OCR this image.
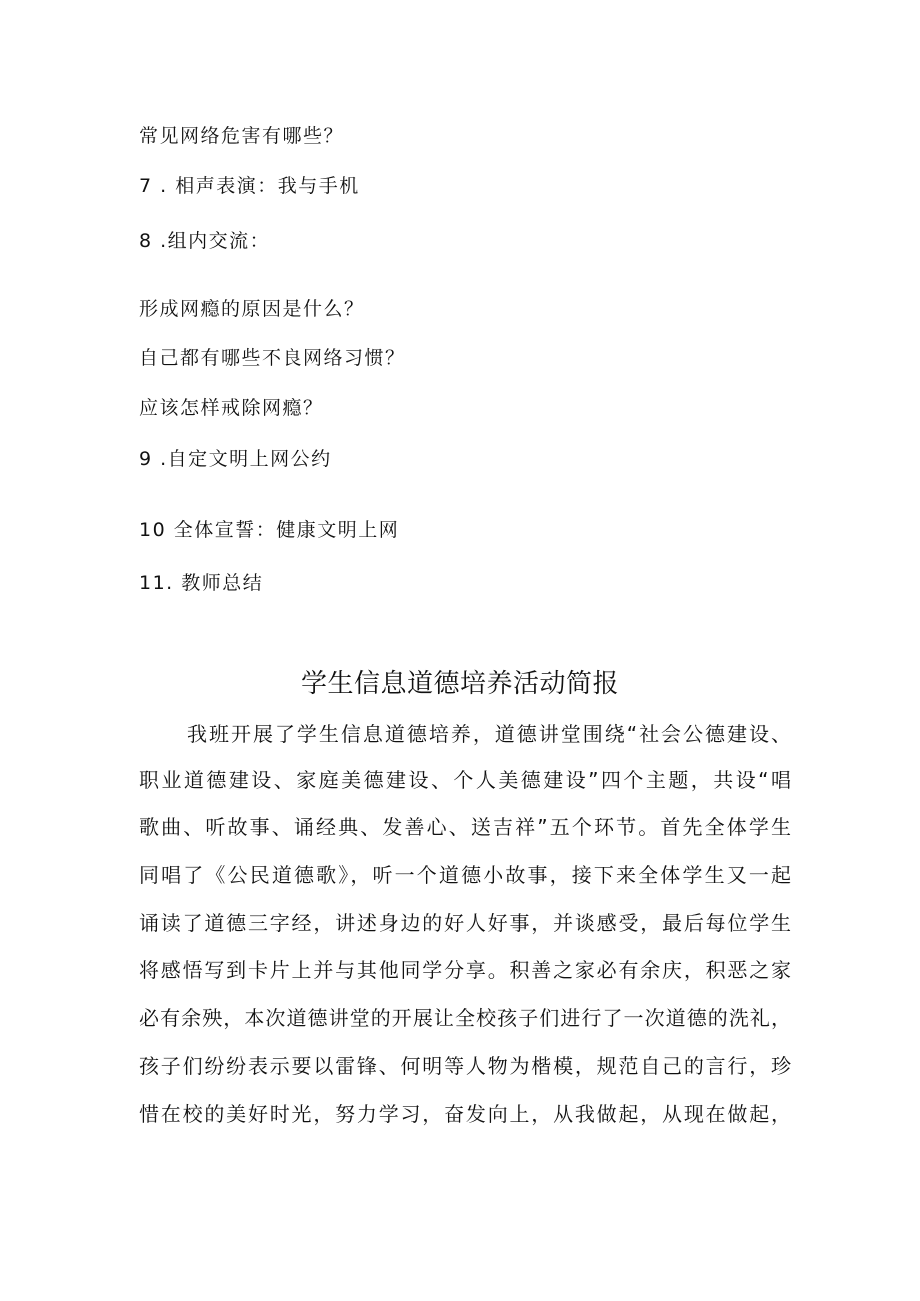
常见网络危害有哪些？
7 . 相声表演：我与手机
8 .组内交流：
形成网瘾的原因是什么？
自己都有哪些不良网络习惯？
应该怎样戒除网瘾？
9 .自定文明上网公约
10 全体宣誓：健康文明上网
11. 教师总结
学生信息道德培养活动简报
我班开展了学生信息道德培养，道德讲堂围绕“社会公德建设、
职业道德建设、家庭美德建设、个人美德建设”四个主题，共设“唱
歌曲、听故事、诵经典、发善心、送吉祥”五个环节。首先全体学生
同唱了《公民道德歌》，听一个道德小故事，接下来全体学生又一起
诵读了道德三字经，讲述身边的好人好事，并谈感受，最后每位学生
将感悟写到卡片上并与其他同学分享。积善之家必有余庆，积恶之家
必有余殃，本次道德讲堂的开展让全校孩子们进行了一次道德的洗礼，
孩子们纷纷表示要以雷锋、何明等人物为楷模，规范自己的言行，珍
惜在校的美好时光，努力学习，奋发向上，从我做起，从现在做起，
